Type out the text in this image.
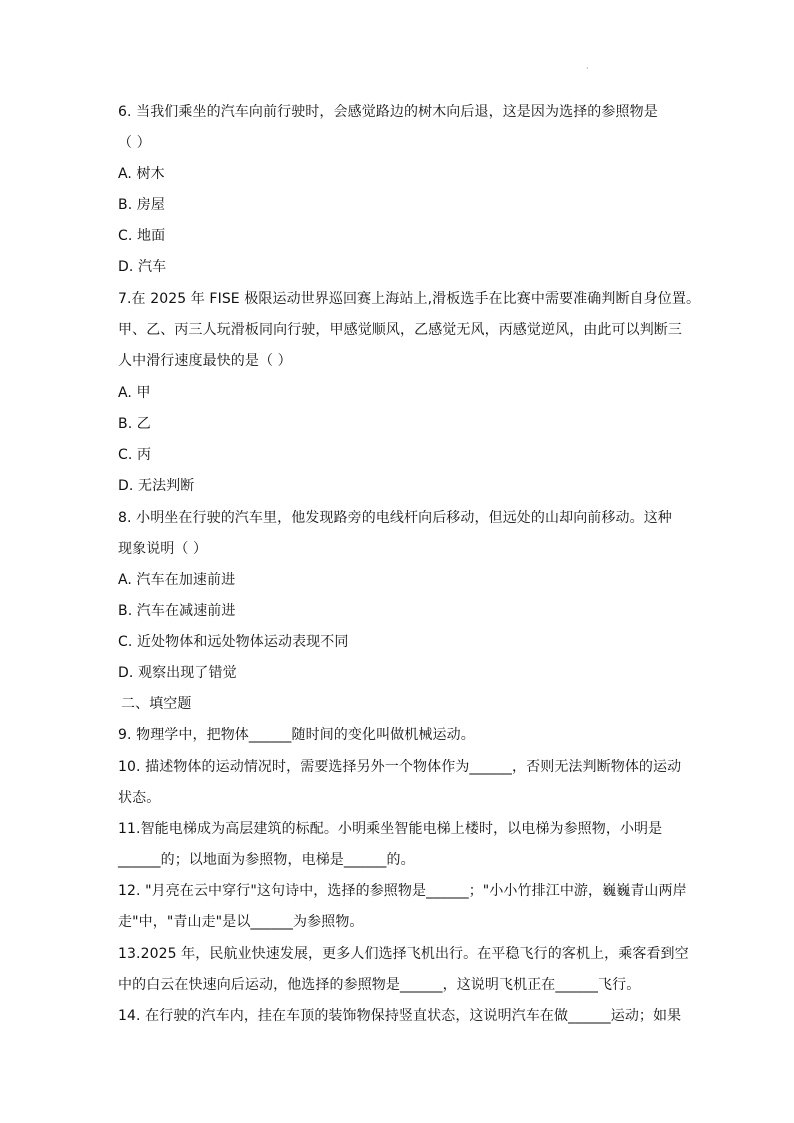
·
6. 当我们乘坐的汽车向前行驶时，会感觉路边的树木向后退，这是因为选择的参照物是
（ ）
A. 树木
B. 房屋
C. 地面
D. 汽车
7.在 2025 年 FISE 极限运动世界巡回赛上海站上,滑板选手在比赛中需要准确判断自身位置。
甲、乙、丙三人玩滑板同向行驶，甲感觉顺风，乙感觉无风，丙感觉逆风，由此可以判断三
人中滑行速度最快的是（ ）
A. 甲
B. 乙
C. 丙
D. 无法判断
8. 小明坐在行驶的汽车里，他发现路旁的电线杆向后移动，但远处的山却向前移动。这种
现象说明（ ）
A. 汽车在加速前进
B. 汽车在减速前进
C. 近处物体和远处物体运动表现不同
D. 观察出现了错觉
二、填空题
9. 物理学中，把物体______随时间的变化叫做机械运动。
10. 描述物体的运动情况时，需要选择另外一个物体作为______，否则无法判断物体的运动
状态。
11.智能电梯成为高层建筑的标配。小明乘坐智能电梯上楼时，以电梯为参照物，小明是
______的；以地面为参照物，电梯是______的。
12. "月亮在云中穿行"这句诗中，选择的参照物是______；"小小竹排江中游，巍巍青山两岸
走"中，"青山走"是以______为参照物。
13.2025 年，民航业快速发展，更多人们选择飞机出行。在平稳飞行的客机上，乘客看到空
中的白云在快速向后运动，他选择的参照物是______，这说明飞机正在______飞行。
14. 在行驶的汽车内，挂在车顶的装饰物保持竖直状态，这说明汽车在做______运动；如果
